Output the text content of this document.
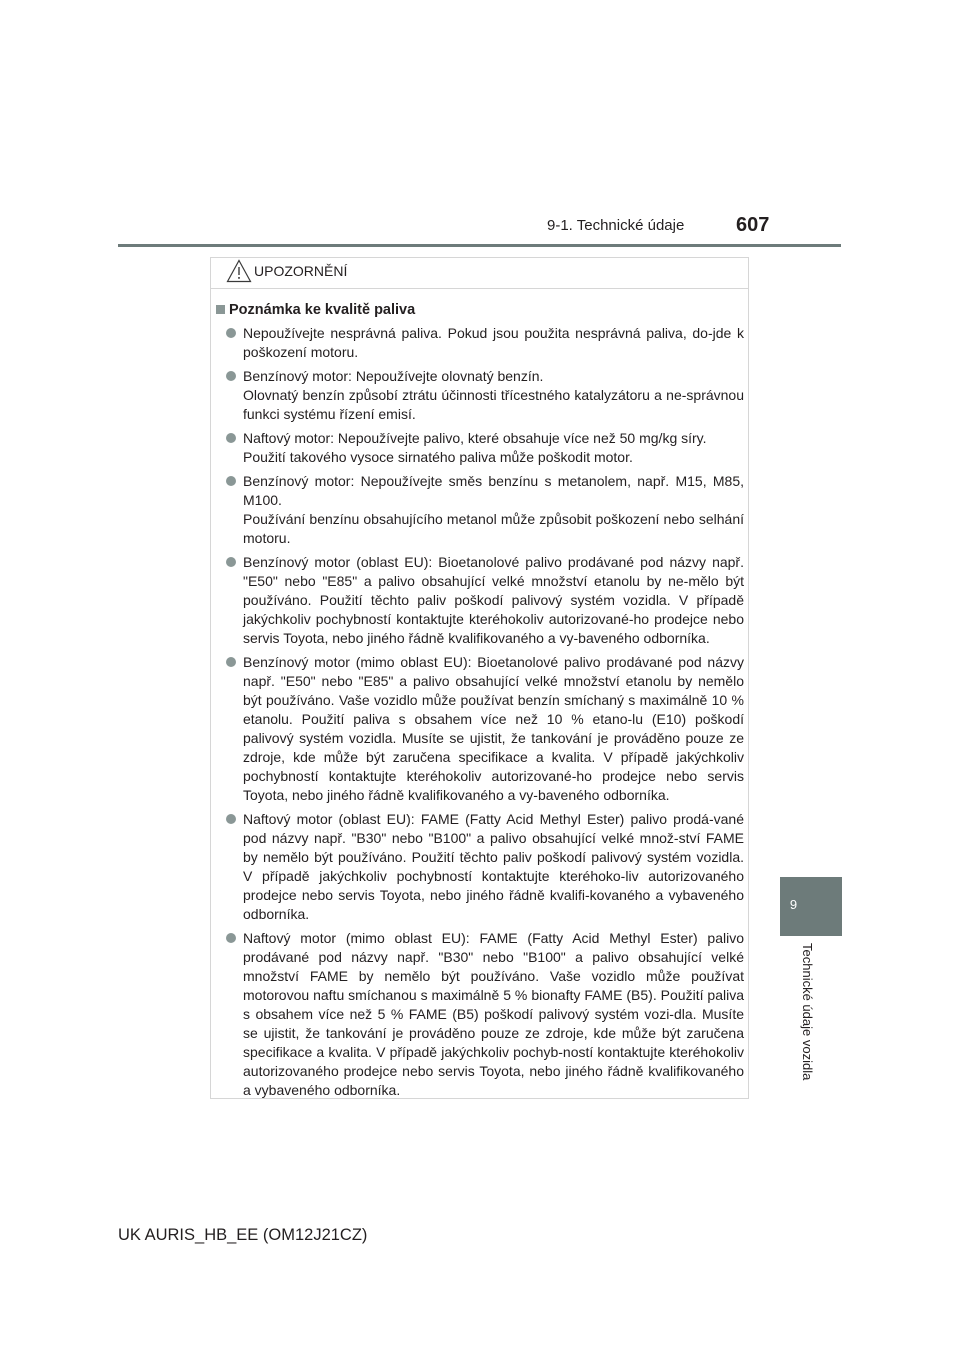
9-1. Technické údaje	607
9
Technické údaje vozidla
UPOZORNĚNÍ
Poznámka ke kvalitě paliva
Nepoužívejte nesprávná paliva. Pokud jsou použita nesprávná paliva, do-jde k poškození motoru.
Benzínový motor: Nepoužívejte olovnatý benzín.
Olovnatý benzín způsobí ztrátu účinnosti třícestného katalyzátoru a ne-správnou funkci systému řízení emisí.
Naftový motor: Nepoužívejte palivo, které obsahuje více než 50 mg/kg síry.
Použití takového vysoce sirnatého paliva může poškodit motor.
Benzínový motor: Nepoužívejte směs benzínu s metanolem, např. M15, M85, M100.
Používání benzínu obsahujícího metanol může způsobit poškození nebo selhání motoru.
Benzínový motor (oblast EU): Bioetanolové palivo prodávané pod názvy např. "E50" nebo "E85" a palivo obsahující velké množství etanolu by ne-mělo být používáno. Použití těchto paliv poškodí palivový systém vozidla. V případě jakýchkoliv pochybností kontaktujte kteréhokoliv autorizované-ho prodejce nebo servis Toyota, nebo jiného řádně kvalifikovaného a vy-baveného odborníka.
Benzínový motor (mimo oblast EU): Bioetanolové palivo prodávané pod názvy např. "E50" nebo "E85" a palivo obsahující velké množství etanolu by nemělo být používáno. Vaše vozidlo může používat benzín smíchaný s maximálně 10 % etanolu. Použití paliva s obsahem více než 10 % etano-lu (E10) poškodí palivový systém vozidla. Musíte se ujistit, že tankování je prováděno pouze ze zdroje, kde může být zaručena specifikace a kvalita. V případě jakýchkoliv pochybností kontaktujte kteréhokoliv autorizované-ho prodejce nebo servis Toyota, nebo jiného řádně kvalifikovaného a vy-baveného odborníka.
Naftový motor (oblast EU): FAME (Fatty Acid Methyl Ester) palivo prodá-vané pod názvy např. "B30" nebo "B100" a palivo obsahující velké množ-ství FAME by nemělo být používáno. Použití těchto paliv poškodí palivový systém vozidla. V případě jakýchkoliv pochybností kontaktujte kteréhoko-liv autorizovaného prodejce nebo servis Toyota, nebo jiného řádně kvalifi-kovaného a vybaveného odborníka.
Naftový motor (mimo oblast EU): FAME (Fatty Acid Methyl Ester) palivo prodávané pod názvy např. "B30" nebo "B100" a palivo obsahující velké množství FAME by nemělo být používáno. Vaše vozidlo může používat motorovou naftu smíchanou s maximálně 5 % bionafty FAME (B5). Použití paliva s obsahem více než 5 % FAME (B5) poškodí palivový systém vozi-dla. Musíte se ujistit, že tankování je prováděno pouze ze zdroje, kde může být zaručena specifikace a kvalita. V případě jakýchkoliv pochyb-ností kontaktujte kteréhokoliv autorizovaného prodejce nebo servis Toyota, nebo jiného řádně kvalifikovaného a vybaveného odborníka.
UK AURIS_HB_EE (OM12J21CZ)
